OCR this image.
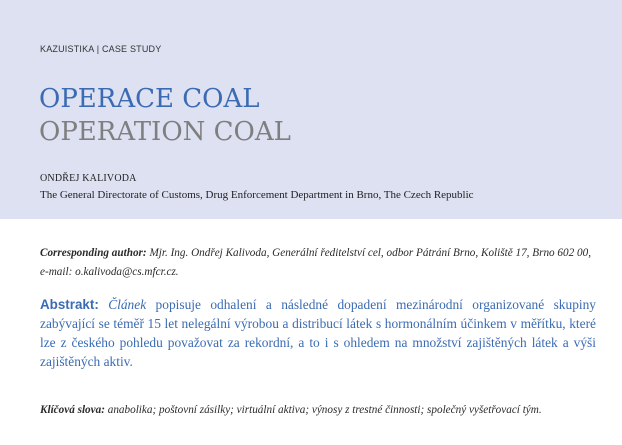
KAZUISTIKA | CASE STUDY
OPERACE COAL
OPERATION COAL
ONDŘEJ KALIVODA
The General Directorate of Customs, Drug Enforcement Department in Brno, The Czech Republic
Corresponding author: Mjr. Ing. Ondřej Kalivoda, Generální ředitelství cel, odbor Pátrání Brno, Koliště 17, Brno 602 00, e-mail: o.kalivoda@cs.mfcr.cz.
Abstrakt: Článek popisuje odhalení a následné dopadení mezinárodní organizované skupiny zabývající se téměř 15 let nelegální výrobou a distribucí látek s hormonálním účinkem v měřítku, které lze z českého pohledu považovat za rekordní, a to i s ohledem na množství zajištěných látek a výši zajištěných aktiv.
Klíčová slova: anabolika; poštovní zásilky; virtuální aktiva; výnosy z trestné činnosti; společný vyšetřovací tým.
